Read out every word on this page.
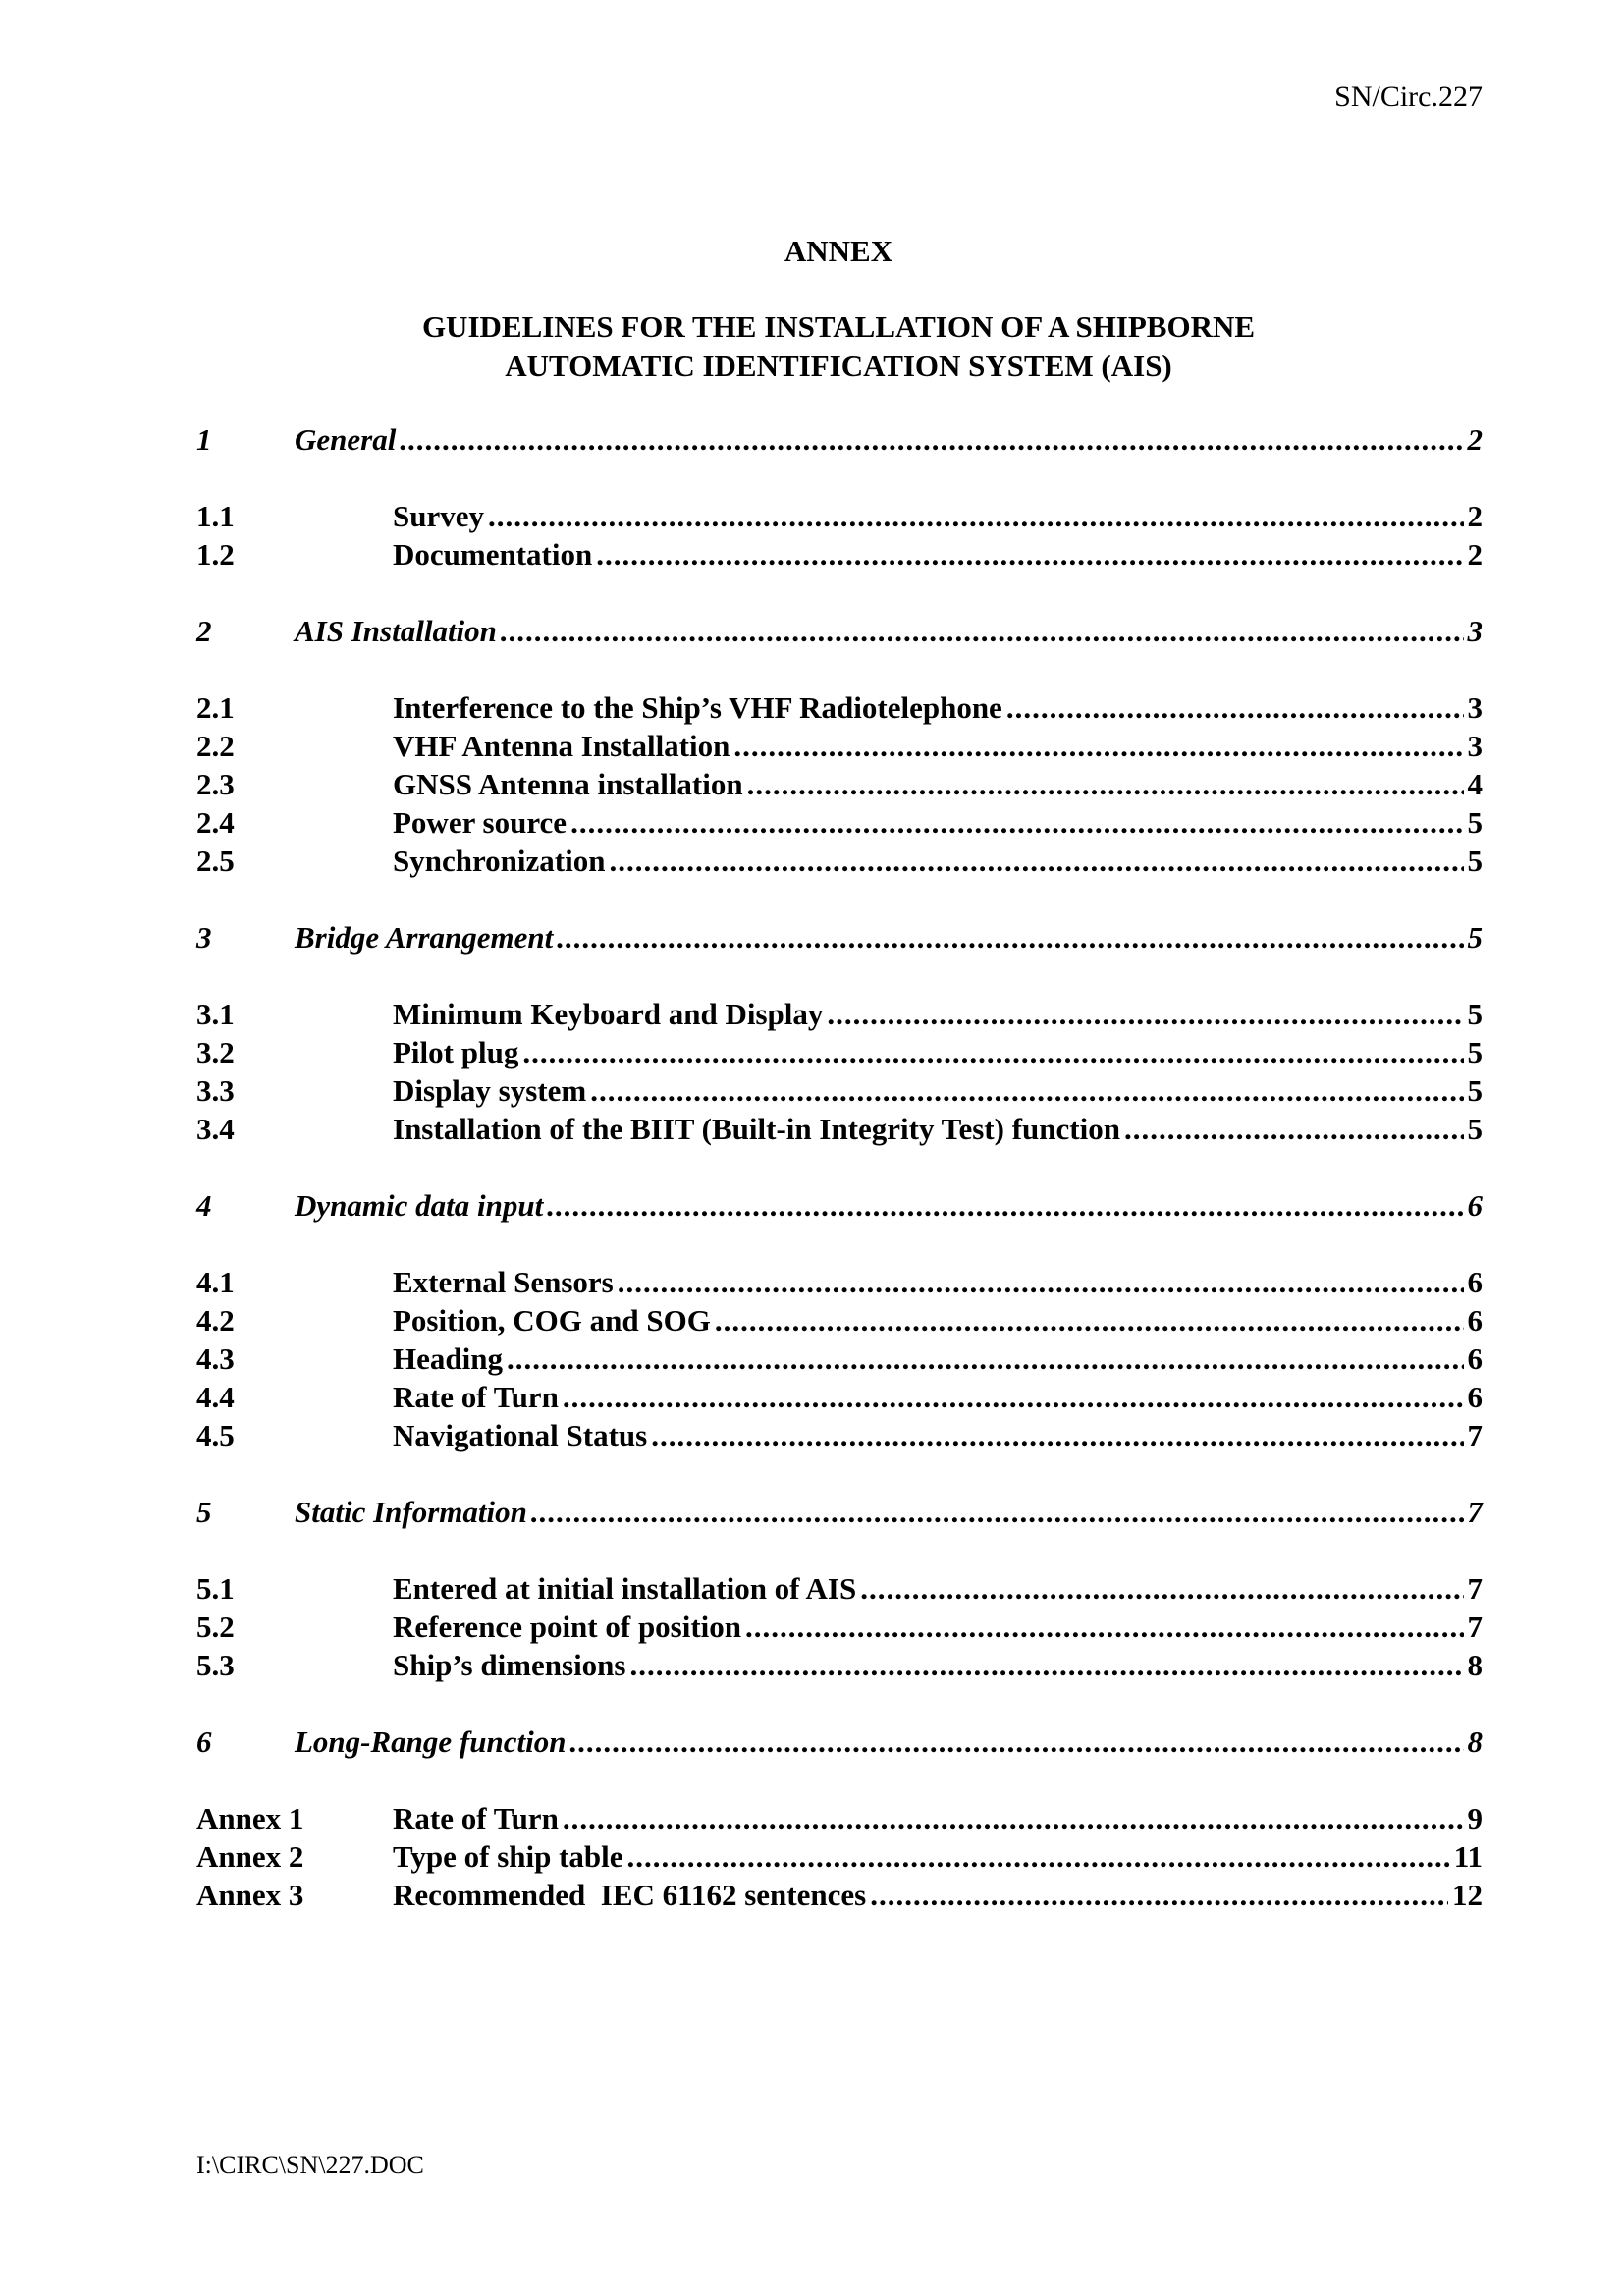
SN/Circ.227
ANNEX
GUIDELINES FOR THE INSTALLATION OF A SHIPBORNE
AUTOMATIC IDENTIFICATION SYSTEM (AIS)
1	General .....	2
1.1	Survey .....	2
1.2	Documentation .....	2
2	AIS Installation .....	3
2.1	Interference to the Ship’s VHF Radiotelephone .....	3
2.2	VHF Antenna Installation .....	3
2.3	GNSS Antenna installation .....	4
2.4	Power source .....	5
2.5	Synchronization .....	5
3	Bridge Arrangement .....	5
3.1	Minimum Keyboard and Display .....	5
3.2	Pilot plug .....	5
3.3	Display system .....	5
3.4	Installation of the BIIT (Built-in Integrity Test) function .....	5
4	Dynamic data input .....	6
4.1	External Sensors .....	6
4.2	Position, COG and SOG .....	6
4.3	Heading .....	6
4.4	Rate of Turn .....	6
4.5	Navigational Status .....	7
5	Static Information .....	7
5.1	Entered at initial installation of AIS .....	7
5.2	Reference point of position .....	7
5.3	Ship’s dimensions .....	8
6	Long-Range function .....	8
Annex 1	Rate of Turn .....	9
Annex 2	Type of ship table .....	11
Annex 3	Recommended  IEC 61162 sentences .....	12
I:\CIRC\SN\227.DOC
